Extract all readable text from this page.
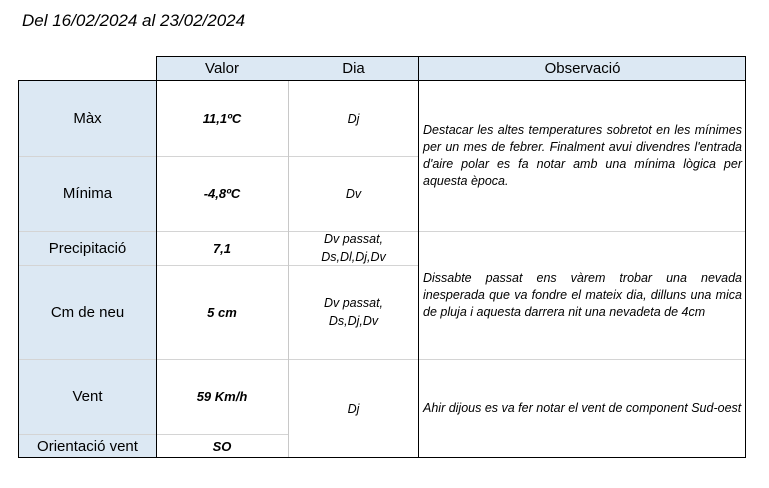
Del 16/02/2024 al 23/02/2024
Valor	Dia	Observació
Màx
Mínima
Precipitació
Cm de neu
Vent
Orientació vent
11,1ºC
-4,8ºC
7,1
5 cm
59 Km/h
SO
Dj
Dv
Dv passat,
Ds,Dl,Dj,Dv
Dv passat,
Ds,Dj,Dv
Dj
Destacar les altes temperatures sobretot en les mínimes per un mes de febrer. Finalment avui divendres l'entrada d'aire polar es fa notar amb una mínima lògica per aquesta època.
Dissabte passat ens vàrem trobar una nevada inesperada que va fondre el mateix dia, dilluns una mica de pluja i aquesta darrera nit una nevadeta de 4cm
Ahir dijous es va fer notar el vent de component Sud-oest
